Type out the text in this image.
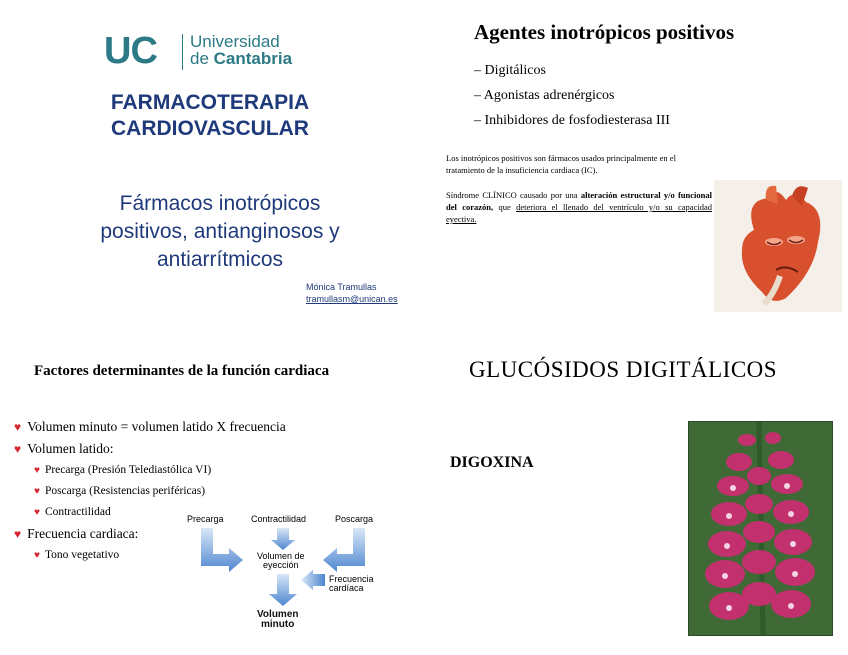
UC Universidad
de Cantabria
FARMACOTERAPIA
CARDIOVASCULAR
Fármacos inotrópicos
positivos, antianginosos y
antiarrítmicos
Mónica Tramullas
tramullasm@unican.es
Agentes inotrópicos positivos
– Digitálicos
– Agonistas adrenérgicos
– Inhibidores de fosfodiesterasa III
Los inotrópicos positivos son fármacos usados principalmente en el tratamiento de la insuficiencia cardiaca (IC).
Síndrome CLÍNICO causado por una alteración estructural y/o funcional del corazón, que deteriora el llenado del ventrículo y/o su capacidad eyectiva.
Factores determinantes de la función cardiaca
♥ Volumen minuto = volumen latido X frecuencia
♥ Volumen latido:
♥ Precarga (Presión Telediastólica VI)
♥ Poscarga (Resistencias periféricas)
♥ Contractilidad
♥ Frecuencia cardiaca:
♥ Tono vegetativo
Precarga	Contractilidad	Poscarga
Volumen de
eyección
Frecuencia
cardíaca
Volumen
minuto
GLUCÓSIDOS DIGITÁLICOS
DIGOXINA
